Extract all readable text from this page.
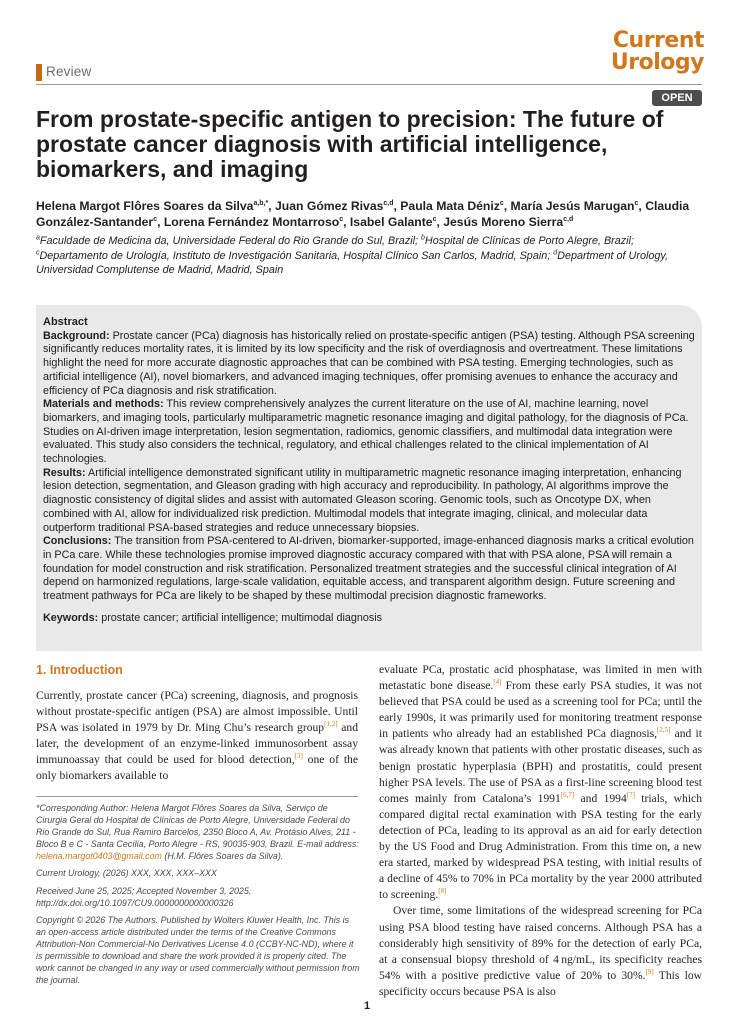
Review
Current
Urology
OPEN
From prostate-specific antigen to precision: The future of prostate cancer diagnosis with artificial intelligence, biomarkers, and imaging
Helena Margot Flôres Soares da Silva$^{a,b,*}$, Juan Gómez Rivas$^{c,d}$, Paula Mata Déniz$^c$, María Jesús Marugan$^c$, Claudia González-Santander$^c$, Lorena Fernández Montarroso$^c$, Isabel Galante$^c$, Jesús Moreno Sierra$^{c,d}$
$^a$Faculdade de Medicina da, Universidade Federal do Rio Grande do Sul, Brazil; $^b$Hospital de Clínicas de Porto Alegre, Brazil; $^c$Departamento de Urología, Instituto de Investigación Sanitaria, Hospital Clínico San Carlos, Madrid, Spain; $^d$Department of Urology, Universidad Complutense de Madrid, Madrid, Spain
Abstract

Background: Prostate cancer (PCa) diagnosis has historically relied on prostate-specific antigen (PSA) testing. Although PSA screening significantly reduces mortality rates, it is limited by its low specificity and the risk of overdiagnosis and overtreatment. These limitations highlight the need for more accurate diagnostic approaches that can be combined with PSA testing. Emerging technologies, such as artificial intelligence (AI), novel biomarkers, and advanced imaging techniques, offer promising avenues to enhance the accuracy and efficiency of PCa diagnosis and risk stratification.

Materials and methods: This review comprehensively analyzes the current literature on the use of AI, machine learning, novel biomarkers, and imaging tools, particularly multiparametric magnetic resonance imaging and digital pathology, for the diagnosis of PCa. Studies on AI-driven image interpretation, lesion segmentation, radiomics, genomic classifiers, and multimodal data integration were evaluated. This study also considers the technical, regulatory, and ethical challenges related to the clinical implementation of AI technologies.

Results: Artificial intelligence demonstrated significant utility in multiparametric magnetic resonance imaging interpretation, enhancing lesion detection, segmentation, and Gleason grading with high accuracy and reproducibility. In pathology, AI algorithms improve the diagnostic consistency of digital slides and assist with automated Gleason scoring. Genomic tools, such as Oncotype DX, when combined with AI, allow for individualized risk prediction. Multimodal models that integrate imaging, clinical, and molecular data outperform traditional PSA-based strategies and reduce unnecessary biopsies.

Conclusions: The transition from PSA-centered to AI-driven, biomarker-supported, image-enhanced diagnosis marks a critical evolution in PCa care. While these technologies promise improved diagnostic accuracy compared with that with PSA alone, PSA will remain a foundation for model construction and risk stratification. Personalized treatment strategies and the successful clinical integration of AI depend on harmonized regulations, large-scale validation, equitable access, and transparent algorithm design. Future screening and treatment pathways for PCa are likely to be shaped by these multimodal precision diagnostic frameworks.

Keywords: prostate cancer; artificial intelligence; multimodal diagnosis

1. Introduction

Currently, prostate cancer (PCa) screening, diagnosis, and prognosis without prostate-specific antigen (PSA) are almost impossible. Until PSA was isolated in 1979 by Dr. Ming Chu’s research group[1,2] and later, the development of an enzyme-linked immunosorbent assay immunoassay that could be used for blood detection,[3] one of the only biomarkers available to

evaluate PCa, prostatic acid phosphatase, was limited in men with metastatic bone disease.[4] From these early PSA studies, it was not believed that PSA could be used as a screening tool for PCa; until the early 1990s, it was primarily used for monitoring treatment response in patients who already had an established PCa diagnosis,[2,5] and it was already known that patients with other prostatic diseases, such as benign prostatic hyperplasia (BPH) and prostatitis, could present higher PSA levels. The use of PSA as a first-line screening blood test comes mainly from Catalona’s 1991[6,7] and 1994[7] trials, which compared digital rectal examination with PSA testing for the early detection of PCa, leading to its approval as an aid for early detection by the US Food and Drug Administration. From this time on, a new era started, marked by widespread PSA testing, with initial results of a decline of 45% to 70% in PCa mortality by the year 2000 attributed to screening.[8]

Over time, some limitations of the widespread screening for PCa using PSA blood testing have raised concerns. Although PSA has a considerably high sensitivity of 89% for the detection of early PCa, at a consensual biopsy threshold of 4 ng/mL, its specificity reaches 54% with a positive predictive value of 20% to 30%.[9] This low specificity occurs because PSA is also

*Corresponding Author: Helena Margot Flôres Soares da Silva, Serviço de Cirurgia Geral do Hospital de Clínicas de Porto Alegre, Universidade Federal do Rio Grande do Sul, Rua Ramiro Barcelos, 2350 Bloco A, Av. Protásio Alves, 211 - Bloco B e C - Santa Cecília, Porto Alegre - RS, 90035-903, Brazil. E-mail address: helena.margot0403@gmail.com (H.M. Flôres Soares da Silva).

Current Urology, (2026) XXX, XXX, XXX–XXX

Received June 25, 2025; Accepted November 3, 2025.

http://dx.doi.org/10.1097/CU9.0000000000000326

Copyright © 2026 The Authors. Published by Wolters Kluwer Health, Inc. This is an open-access article distributed under the terms of the Creative Commons Attribution-Non Commercial-No Derivatives License 4.0 (CCBY-NC-ND), where it is permissible to download and share the work provided it is properly cited. The work cannot be changed in any way or used commercially without permission from the journal.

1
